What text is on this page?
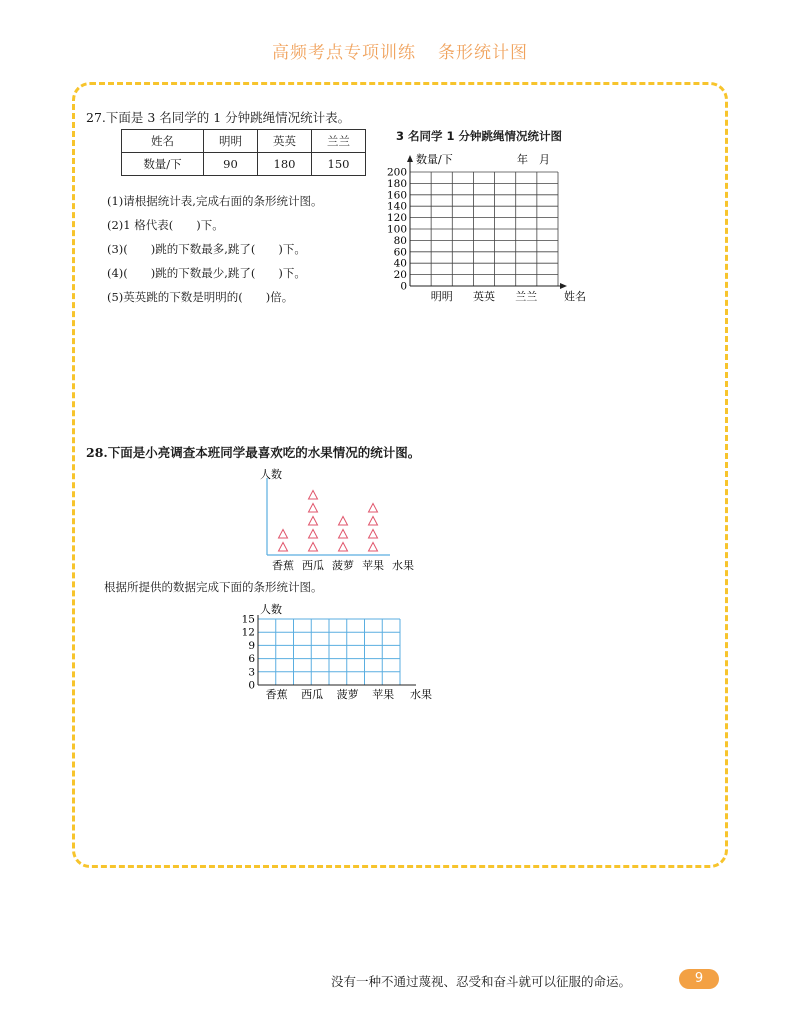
高频考点专项训练 条形统计图
27.下面是 3 名同学的 1 分钟跳绳情况统计表。
姓名	明明	英英	兰兰
数量/下	90	180	150
(1)请根据统计表,完成右面的条形统计图。
(2)1 格代表(　　)下。
(3)(　　)跳的下数最多,跳了(　　)下。
(4)(　　)跳的下数最少,跳了(　　)下。
(5)英英跳的下数是明明的(　　)倍。
3 名同学 1 分钟跳绳情况统计图
0
20
40
60
80
100
120
140
160
180
200
数量/下	年　月
明明 英英 兰兰 姓名
28.下面是小亮调查本班同学最喜欢吃的水果情况的统计图。
人数
香蕉 西瓜 菠萝 苹果 水果
根据所提供的数据完成下面的条形统计图。
0
3
6
9
12
15
人数
香蕉 西瓜 菠萝 苹果 水果
没有一种不通过蔑视、忍受和奋斗就可以征服的命运。	9
